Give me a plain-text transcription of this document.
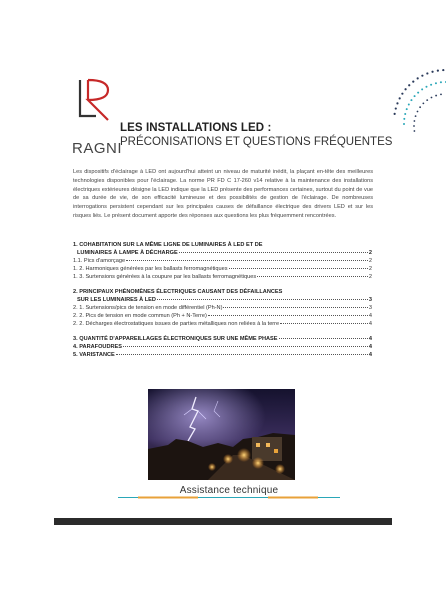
RAGNI
LES INSTALLATIONS LED :
PRÉCONISATIONS ET QUESTIONS FRÉQUENTES

Les dispositifs d'éclairage à LED ont aujourd'hui atteint un niveau de maturité inédit, la plaçant en-tête des meilleures technologies disponibles pour l'éclairage. La norme PR FD C 17-260 v14 relative à la maintenance des installations électriques extérieures désigne la LED indique que la LED présente des performances certaines, surtout du point de vue de sa durée de vie, de son efficacité lumineuse et des possibilités de gestion de l'éclairage. De nombreuses interrogations persistent cependant sur les principales causes de défaillance électrique des drivers LED et sur les risques liés. Le présent document apporte des réponses aux questions les plus fréquemment rencontrées.

1. COHABITATION SUR LA MÊME LIGNE DE LUMINAIRES À LED ET DE
LUMINAIRES À LAMPE À DÉCHARGE	2
1.1. Pics d'amorçage	2
1. 2. Harmoniques générées par les ballasts ferromagnétiques	2
1. 3. Surtensions générées à la coupure par les ballasts ferromagnétiques	2
2. PRINCIPAUX PHÉNOMÈNES ÉLECTRIQUES CAUSANT DES DÉFAILLANCES
SUR LES LUMINAIRES À LED	3
2. 1. Surtensions/pics de tension en mode différentiel (Ph-N)	3
2. 2. Pics de tension en mode commun (Ph + N-Terre)	4
2. 2. Décharges électrostatiques issues de parties métalliques non reliées à la terre	4
3. QUANTITÉ D'APPAREILLAGES ÉLECTRONIQUES SUR UNE MÊME PHASE	4
4. PARAFOUDRES	4
5. VARISTANCE	4
Assistance technique
